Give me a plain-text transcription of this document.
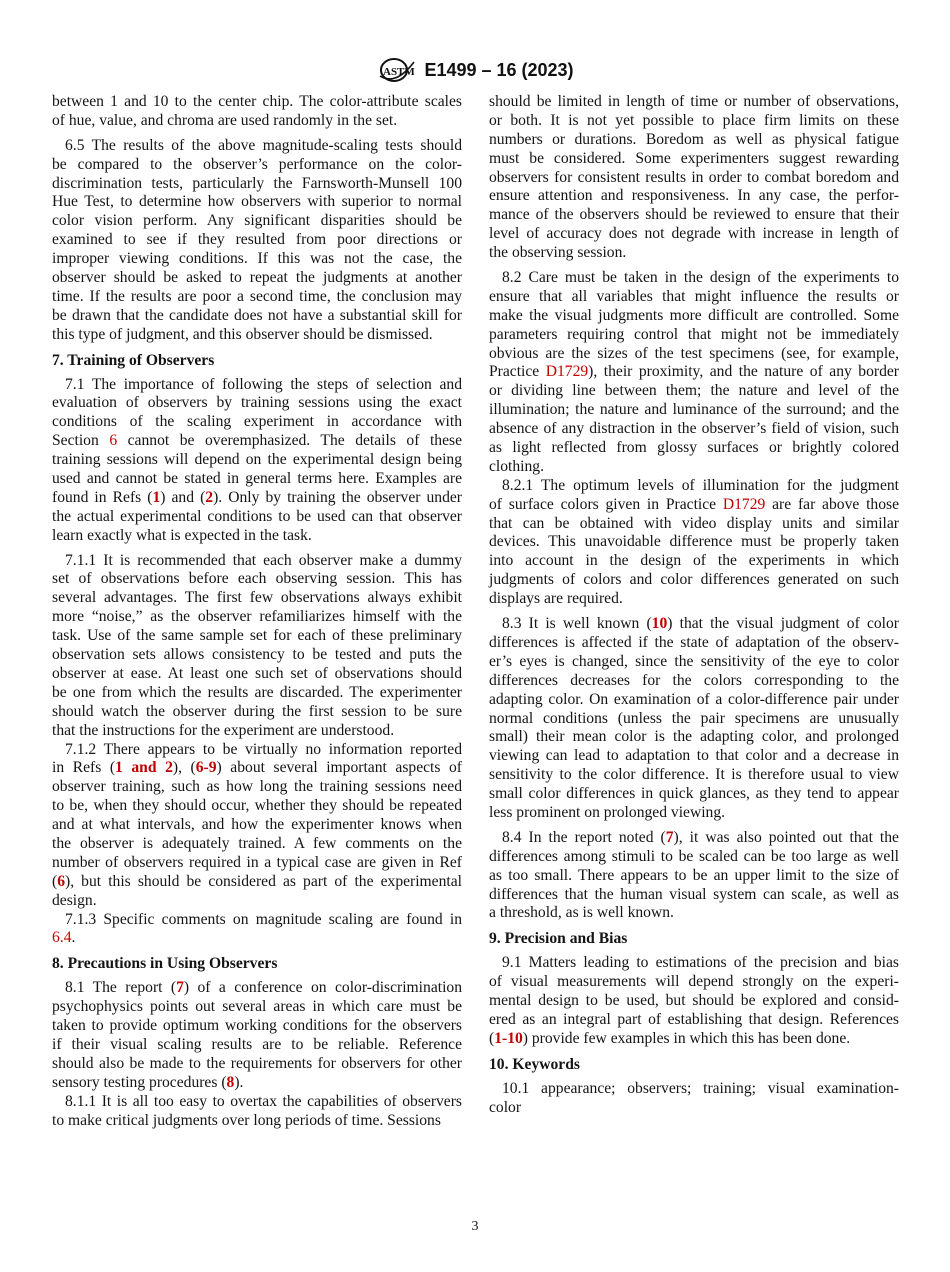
ASTM E1499 – 16 (2023)
between 1 and 10 to the center chip. The color-attribute scales
of hue, value, and chroma are used randomly in the set.
6.5 The results of the above magnitude-scaling tests should
be compared to the observer’s performance on the color-
discrimination tests, particularly the Farnsworth-Munsell 100
Hue Test, to determine how observers with superior to normal
color vision perform. Any significant disparities should be
examined to see if they resulted from poor directions or
improper viewing conditions. If this was not the case, the
observer should be asked to repeat the judgments at another
time. If the results are poor a second time, the conclusion may
be drawn that the candidate does not have a substantial skill for
this type of judgment, and this observer should be dismissed.
7. Training of Observers
7.1 The importance of following the steps of selection and
evaluation of observers by training sessions using the exact
conditions of the scaling experiment in accordance with
Section 6 cannot be overemphasized. The details of these
training sessions will depend on the experimental design being
used and cannot be stated in general terms here. Examples are
found in Refs (1) and (2). Only by training the observer under
the actual experimental conditions to be used can that observer
learn exactly what is expected in the task.
7.1.1 It is recommended that each observer make a dummy
set of observations before each observing session. This has
several advantages. The first few observations always exhibit
more “noise,” as the observer refamiliarizes himself with the
task. Use of the same sample set for each of these preliminary
observation sets allows consistency to be tested and puts the
observer at ease. At least one such set of observations should
be one from which the results are discarded. The experimenter
should watch the observer during the first session to be sure
that the instructions for the experiment are understood.
7.1.2 There appears to be virtually no information reported
in Refs (1 and 2), (6-9) about several important aspects of
observer training, such as how long the training sessions need
to be, when they should occur, whether they should be repeated
and at what intervals, and how the experimenter knows when
the observer is adequately trained. A few comments on the
number of observers required in a typical case are given in Ref
(6), but this should be considered as part of the experimental
design.
7.1.3 Specific comments on magnitude scaling are found in
6.4.
8. Precautions in Using Observers
8.1 The report (7) of a conference on color-discrimination
psychophysics points out several areas in which care must be
taken to provide optimum working conditions for the observers
if their visual scaling results are to be reliable. Reference
should also be made to the requirements for observers for other
sensory testing procedures (8).
8.1.1 It is all too easy to overtax the capabilities of observers
to make critical judgments over long periods of time. Sessions
should be limited in length of time or number of observations,
or both. It is not yet possible to place firm limits on these
numbers or durations. Boredom as well as physical fatigue
must be considered. Some experimenters suggest rewarding
observers for consistent results in order to combat boredom and
ensure attention and responsiveness. In any case, the perfor-
mance of the observers should be reviewed to ensure that their
level of accuracy does not degrade with increase in length of
the observing session.
8.2 Care must be taken in the design of the experiments to
ensure that all variables that might influence the results or
make the visual judgments more difficult are controlled. Some
parameters requiring control that might not be immediately
obvious are the sizes of the test specimens (see, for example,
Practice D1729), their proximity, and the nature of any border
or dividing line between them; the nature and level of the
illumination; the nature and luminance of the surround; and the
absence of any distraction in the observer’s field of vision, such
as light reflected from glossy surfaces or brightly colored
clothing.
8.2.1 The optimum levels of illumination for the judgment
of surface colors given in Practice D1729 are far above those
that can be obtained with video display units and similar
devices. This unavoidable difference must be properly taken
into account in the design of the experiments in which
judgments of colors and color differences generated on such
displays are required.
8.3 It is well known (10) that the visual judgment of color
differences is affected if the state of adaptation of the observ-
er’s eyes is changed, since the sensitivity of the eye to color
differences decreases for the colors corresponding to the
adapting color. On examination of a color-difference pair under
normal conditions (unless the pair specimens are unusually
small) their mean color is the adapting color, and prolonged
viewing can lead to adaptation to that color and a decrease in
sensitivity to the color difference. It is therefore usual to view
small color differences in quick glances, as they tend to appear
less prominent on prolonged viewing.
8.4 In the report noted (7), it was also pointed out that the
differences among stimuli to be scaled can be too large as well
as too small. There appears to be an upper limit to the size of
differences that the human visual system can scale, as well as
a threshold, as is well known.
9. Precision and Bias
9.1 Matters leading to estimations of the precision and bias
of visual measurements will depend strongly on the experi-
mental design to be used, but should be explored and consid-
ered as an integral part of establishing that design. References
(1-10) provide few examples in which this has been done.
10. Keywords
10.1 appearance; observers; training; visual examination-
color
3
